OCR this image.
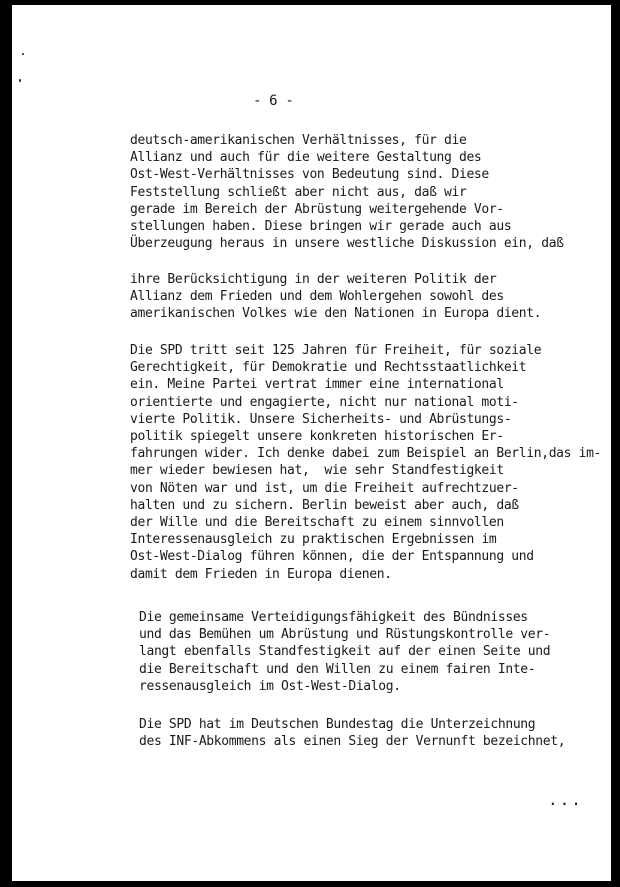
- 6 -
deutsch-amerikanischen Verhältnisses, für die
Allianz und auch für die weitere Gestaltung des
Ost-West-Verhältnisses von Bedeutung sind. Diese
Feststellung schließt aber nicht aus, daß wir
gerade im Bereich der Abrüstung weitergehende Vor-
stellungen haben. Diese bringen wir gerade auch aus
Überzeugung heraus in unsere westliche Diskussion ein, daß
ihre Berücksichtigung in der weiteren Politik der
Allianz dem Frieden und dem Wohlergehen sowohl des
amerikanischen Volkes wie den Nationen in Europa dient.
Die SPD tritt seit 125 Jahren für Freiheit, für soziale
Gerechtigkeit, für Demokratie und Rechtsstaatlichkeit
ein. Meine Partei vertrat immer eine international
orientierte und engagierte, nicht nur national moti-
vierte Politik. Unsere Sicherheits- und Abrüstungs-
politik spiegelt unsere konkreten historischen Er-
fahrungen wider. Ich denke dabei zum Beispiel an Berlin,das im-
mer wieder bewiesen hat,  wie sehr Standfestigkeit
von Nöten war und ist, um die Freiheit aufrechtzuer-
halten und zu sichern. Berlin beweist aber auch, daß
der Wille und die Bereitschaft zu einem sinnvollen
Interessenausgleich zu praktischen Ergebnissen im
Ost-West-Dialog führen können, die der Entspannung und
damit dem Frieden in Europa dienen.
Die gemeinsame Verteidigungsfähigkeit des Bündnisses
und das Bemühen um Abrüstung und Rüstungskontrolle ver-
langt ebenfalls Standfestigkeit auf der einen Seite und
die Bereitschaft und den Willen zu einem fairen Inte-
ressenausgleich im Ost-West-Dialog.
Die SPD hat im Deutschen Bundestag die Unterzeichnung
des INF-Abkommens als einen Sieg der Vernunft bezeichnet,
...
